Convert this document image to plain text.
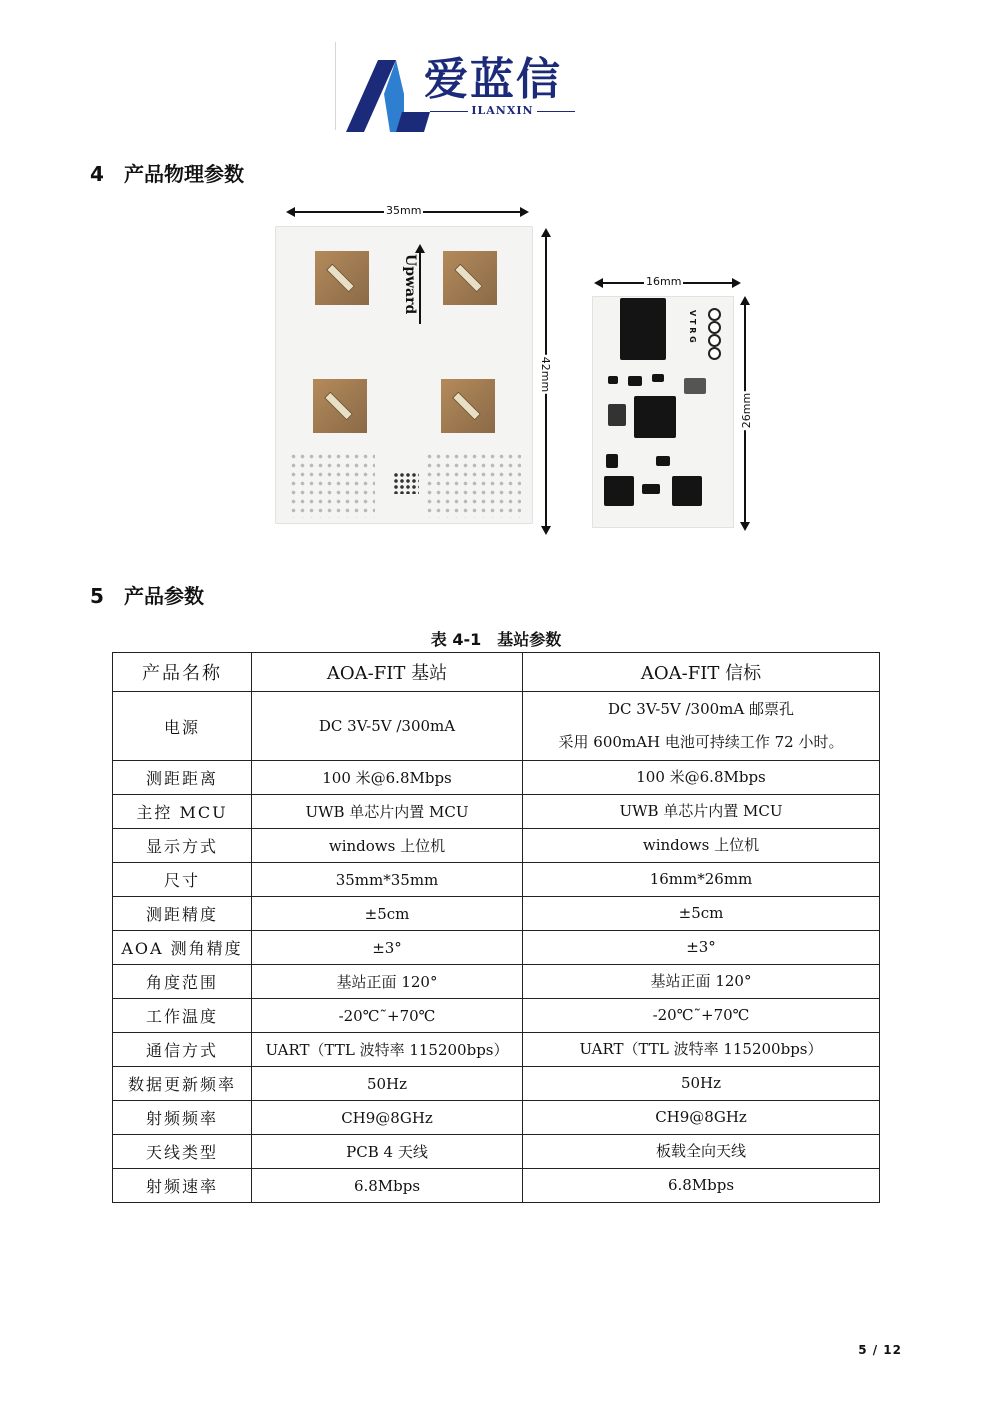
爱蓝信
ILANXIN
4 产品物理参数
35mm
Upward
42mm
16mm
V T R G
26mm
5 产品参数
表 4-1　基站参数
产品名称	AOA-FIT 基站	AOA-FIT 信标
电源	DC 3V-5V /300mA	DC 3V-5V /300mA 邮票孔
采用 600mAH 电池可持续工作 72 小时。

测距距离	100 米@6.8Mbps	100 米@6.8Mbps

主控 MCU	UWB 单芯片内置 MCU	UWB 单芯片内置 MCU

显示方式	windows 上位机	windows 上位机

尺寸	35mm*35mm	16mm*26mm

测距精度	±5cm	±5cm

AOA 测角精度	±3°	±3°

角度范围	基站正面 120°	基站正面 120°

工作温度	-20℃˜+70℃	-20℃˜+70℃

通信方式	UART（TTL 波特率 115200bps）	UART（TTL 波特率 115200bps）

数据更新频率	50Hz	50Hz

射频频率	CH9@8GHz	CH9@8GHz

天线类型	PCB 4 天线	板载全向天线

射频速率	6.8Mbps	6.8Mbps
5 / 12
